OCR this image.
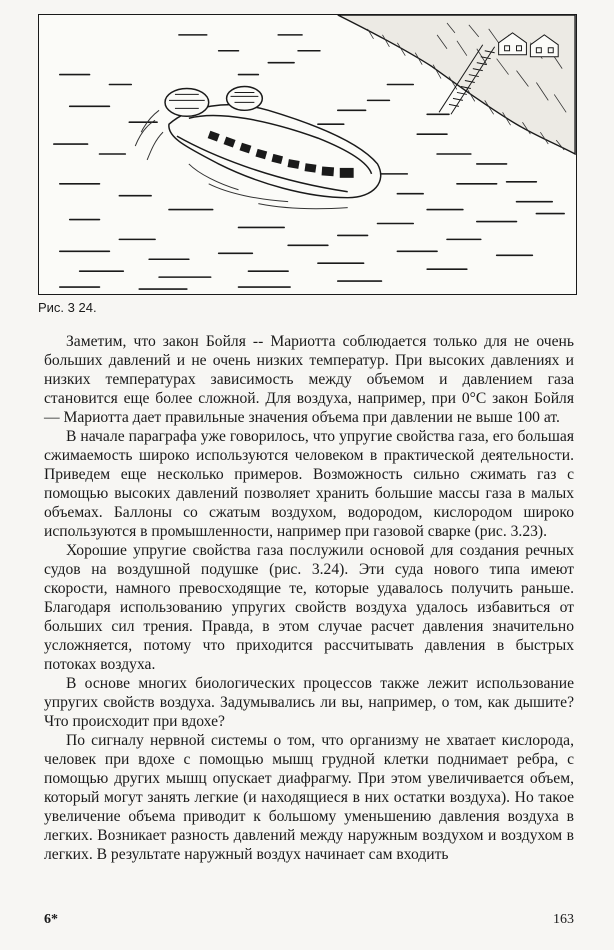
Рис. 3 24.

Заметим, что закон Бойля -- Мариотта соблюдается только для не очень больших давлений и не очень низких температур. При высоких давлениях и низких температурах зависимость между объемом и давлением газа становится еще более сложной. Для воздуха, например, при 0°C закон Бойля — Мариотта дает правильные значения объема при давлении не выше 100 ат.

В начале параграфа уже говорилось, что упругие свойства газа, его большая сжимаемость широко используются человеком в практической деятельности. Приведем еще несколько примеров. Возможность сильно сжимать газ с помощью высоких давлений позволяет хранить большие массы газа в малых объемах. Баллоны со сжатым воздухом, водородом, кислородом широко используются в промышленности, например при газовой сварке (рис. 3.23).

Хорошие упругие свойства газа послужили основой для создания речных судов на воздушной подушке (рис. 3.24). Эти суда нового типа имеют скорости, намного превосходящие те, которые удавалось получить раньше. Благодаря использованию упругих свойств воздуха удалось избавиться от больших сил трения. Правда, в этом случае расчет давления значительно усложняется, потому что приходится рассчитывать давления в быстрых потоках воздуха.

В основе многих биологических процессов также лежит использование упругих свойств воздуха. Задумывались ли вы, например, о том, как дышите? Что происходит при вдохе?

По сигналу нервной системы о том, что организму не хватает кислорода, человек при вдохе с помощью мышц грудной клетки поднимает ребра, с помощью других мышц опускает диафрагму. При этом увеличивается объем, который могут занять легкие (и находящиеся в них остатки воздуха). Но такое увеличение объема приводит к большому уменьшению давления воздуха в легких. Возникает разность давлений между наружным воздухом и воздухом в легких. В результате наружный воздух начинает сам входить

6*	163
